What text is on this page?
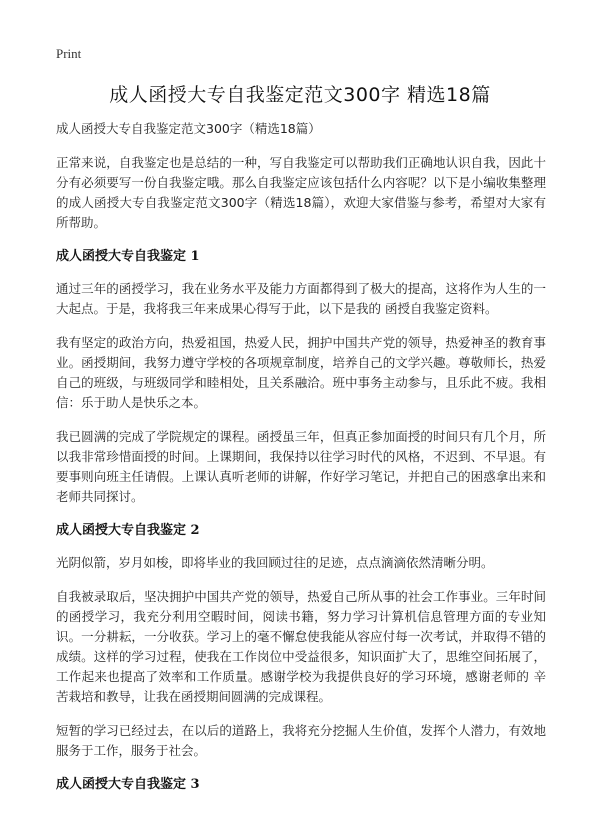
Print
成人函授大专自我鉴定范文300字 精选18篇

成人函授大专自我鉴定范文300字（精选18篇）

正常来说，自我鉴定也是总结的一种，写自我鉴定可以帮助我们正确地认识自我，因此十分有必须要写一份自我鉴定哦。那么自我鉴定应该包括什么内容呢？以下是小编收集整理的成人函授大专自我鉴定范文300字（精选18篇），欢迎大家借鉴与参考，希望对大家有所帮助。

成人函授大专自我鉴定 1

通过三年的函授学习，我在业务水平及能力方面都得到了极大的提高，这将作为人生的一大起点。于是，我将我三年来成果心得写于此，以下是我的 函授自我鉴定资料。

我有坚定的政治方向，热爱祖国，热爱人民，拥护中国共产党的领导，热爱神圣的教育事业。函授期间，我努力遵守学校的各项规章制度，培养自己的文学兴趣。尊敬师长，热爱自己的班级，与班级同学和睦相处，且关系融洽。班中事务主动参与，且乐此不疲。我相信：乐于助人是快乐之本。

我已圆满的完成了学院规定的课程。函授虽三年，但真正参加面授的时间只有几个月，所以我非常珍惜面授的时间。上课期间，我保持以往学习时代的风格，不迟到、不早退。有要事则向班主任请假。上课认真听老师的讲解，作好学习笔记，并把自己的困惑拿出来和老师共同探讨。

成人函授大专自我鉴定 2

光阴似箭，岁月如梭，即将毕业的我回顾过往的足迹，点点滴滴依然清晰分明。

自我被录取后，坚决拥护中国共产党的领导，热爱自己所从事的社会工作事业。三年时间的函授学习，我充分利用空暇时间，阅读书籍，努力学习计算机信息管理方面的专业知识。一分耕耘，一分收获。学习上的毫不懈怠使我能从容应付每一次考试，并取得不错的成绩。这样的学习过程，使我在工作岗位中受益很多，知识面扩大了，思维空间拓展了，工作起来也提高了效率和工作质量。感谢学校为我提供良好的学习环境，感谢老师的 辛苦栽培和教导，让我在函授期间圆满的完成课程。

短暂的学习已经过去，在以后的道路上，我将充分挖掘人生价值，发挥个人潜力，有效地服务于工作，服务于社会。

成人函授大专自我鉴定 3
